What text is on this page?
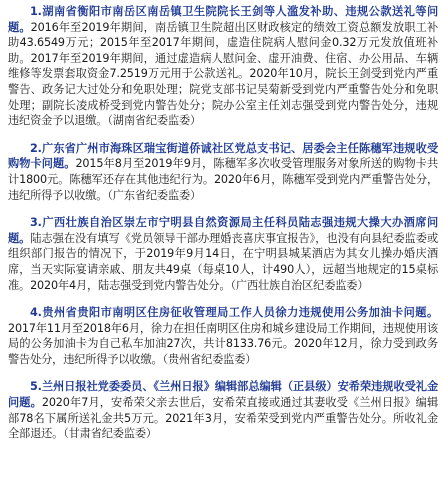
1.湖南省衡阳市南岳区南岳镇卫生院院长王剑等人滥发补助、违规公款送礼等问题。2016年至2019年期间，南岳镇卫生院超出区财政核定的绩效工资总额发放职工补助43.6549万元；2015年至2017年期间，虚造住院病人慰问金0.32万元发放值班补助。2017年至2019年期间，通过虚造病人慰问金、虚开油费、住宿、办公用品、车辆维修等发票套取资金7.2519万元用于公款送礼。2020年10月，院长王剑受到党内严重警告、政务记大过处分和免职处理；院党支部书记吴菊新受到党内严重警告处分和免职处理；副院长凌成桥受到党内警告处分；院办公室主任刘志强受到党内警告处分，违规违纪资金予以退缴。（湖南省纪委监委）

2.广东省广州市海珠区瑞宝街道侨诚社区党总支书记、居委会主任陈穗军违规收受购物卡问题。2015年8月至2019年9月，陈穗军多次收受管理服务对象所送的购物卡共计1800元。陈穗军还存在其他违纪行为。2020年6月，陈穗军受到党内严重警告处分，违纪所得予以收缴。（广东省纪委监委）

3.广西壮族自治区崇左市宁明县自然资源局主任科员陆志强违规大操大办酒席问题。陆志强在没有填写《党员领导干部办理婚丧喜庆事宜报告》，也没有向县纪委监委或组织部门报告的情况下，于2019年9月14日，在宁明县城某酒店为其女儿操办婚庆酒席，当天实际宴请亲戚、朋友共49桌（每桌10人，计490人），远超当地规定的15桌标准。2020年4月，陆志强受到党内警告处分。（广西壮族自治区纪委监委）

4.贵州省贵阳市南明区住房征收管理局工作人员徐力违规使用公务加油卡问题。2017年11月至2018年6月，徐力在担任南明区住房和城乡建设局工作期间，违规使用该局的公务加油卡为自己私车加油27次，共计8133.76元。2020年12月，徐力受到政务警告处分，违纪所得予以收缴。（贵州省纪委监委）

5.兰州日报社党委委员、《兰州日报》编辑部总编辑（正县级）安希荣违规收受礼金问题。2020年7月，安希荣父亲去世后，安希荣直接或通过其妻收受《兰州日报》编辑部78名下属所送礼金共5万元。2021年3月，安希荣受到党内严重警告处分。所收礼金全部退还。（甘肃省纪委监委）
